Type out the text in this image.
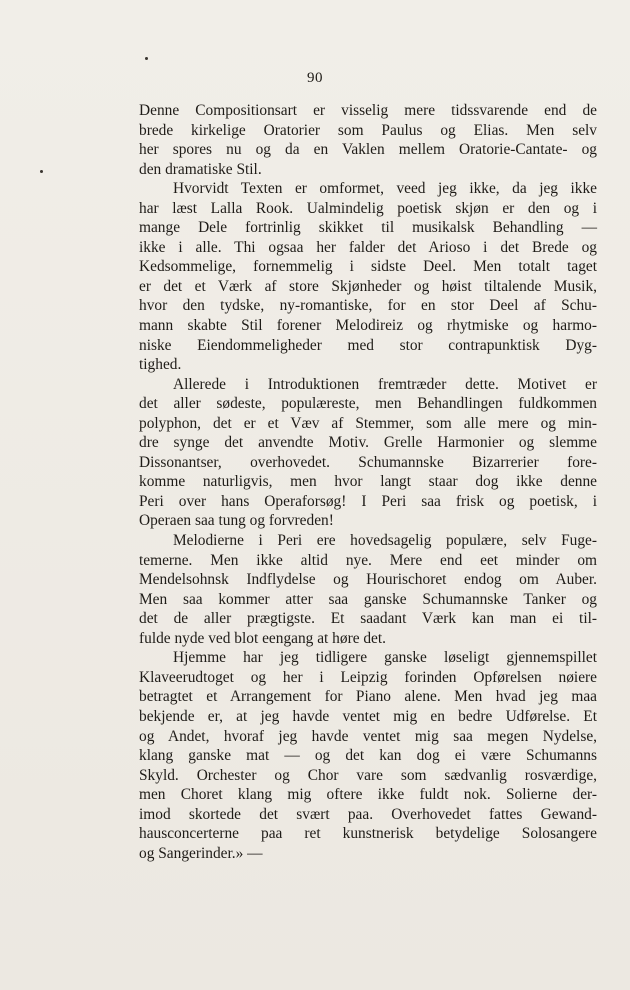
90
Denne Compositionsart er visselig mere tidssvarende end de
brede kirkelige Oratorier som Paulus og Elias. Men selv
her spores nu og da en Vaklen mellem Oratorie-Cantate- og
den dramatiske Stil.
Hvorvidt Texten er omformet, veed jeg ikke, da jeg ikke
har læst Lalla Rook. Ualmindelig poetisk skjøn er den og i
mange Dele fortrinlig skikket til musikalsk Behandling —
ikke i alle. Thi ogsaa her falder det Arioso i det Brede og
Kedsommelige, fornemmelig i sidste Deel. Men totalt taget
er det et Værk af store Skjønheder og høist tiltalende Musik,
hvor den tydske, ny-romantiske, for en stor Deel af Schu-
mann skabte Stil forener Melodireiz og rhytmiske og harmo-
niske Eiendommeligheder med stor contrapunktisk Dyg-
tighed.
Allerede i Introduktionen fremtræder dette. Motivet er
det aller sødeste, populæreste, men Behandlingen fuldkommen
polyphon, det er et Væv af Stemmer, som alle mere og min-
dre synge det anvendte Motiv. Grelle Harmonier og slemme
Dissonantser, overhovedet. Schumannske Bizarrerier fore-
komme naturligvis, men hvor langt staar dog ikke denne
Peri over hans Operaforsøg! I Peri saa frisk og poetisk, i
Operaen saa tung og forvreden!
Melodierne i Peri ere hovedsagelig populære, selv Fuge-
temerne. Men ikke altid nye. Mere end eet minder om
Mendelsohnsk Indflydelse og Hourischoret endog om Auber.
Men saa kommer atter saa ganske Schumannske Tanker og
det de aller prægtigste. Et saadant Værk kan man ei til-
fulde nyde ved blot eengang at høre det.
Hjemme har jeg tidligere ganske løseligt gjennemspillet
Klaveerudtoget og her i Leipzig forinden Opførelsen nøiere
betragtet et Arrangement for Piano alene. Men hvad jeg maa
bekjende er, at jeg havde ventet mig en bedre Udførelse. Et
og Andet, hvoraf jeg havde ventet mig saa megen Nydelse,
klang ganske mat — og det kan dog ei være Schumanns
Skyld. Orchester og Chor vare som sædvanlig rosværdige,
men Choret klang mig oftere ikke fuldt nok. Solierne der-
imod skortede det svært paa. Overhovedet fattes Gewand-
hausconcerterne paa ret kunstnerisk betydelige Solosangere
og Sangerinder.» —
